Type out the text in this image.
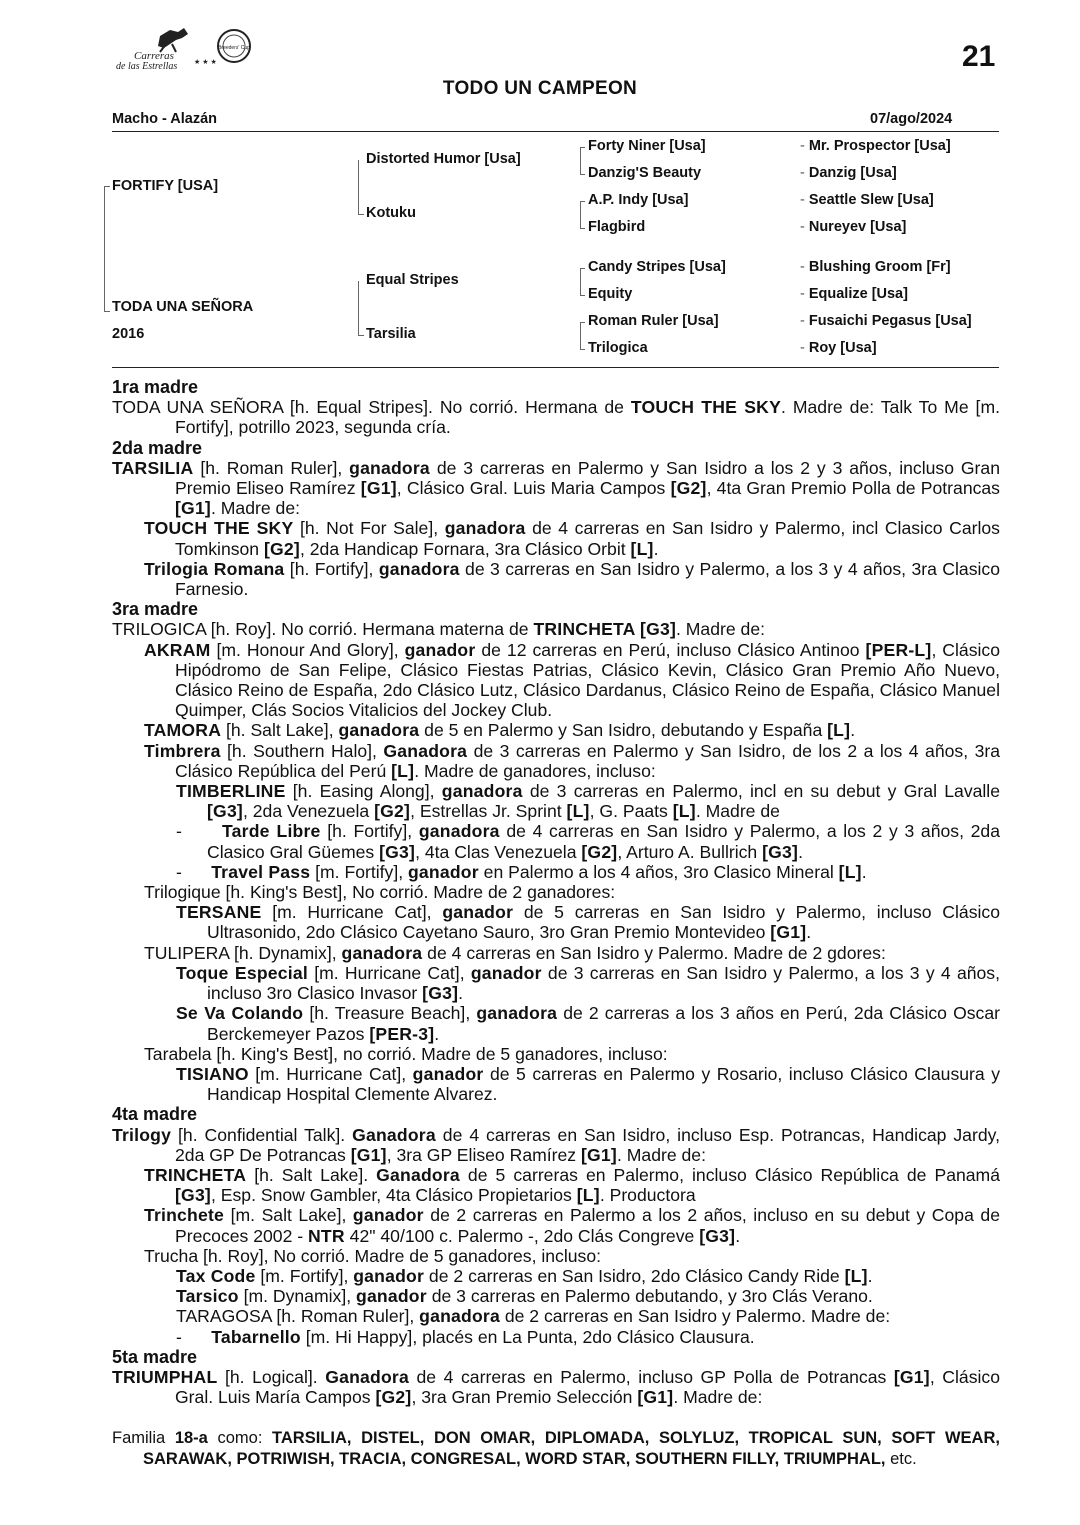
Carreras
de las Estrellas ★ ★ ★
Breeders' Cup	21
TODO UN CAMPEON
Macho - Alazán	07/ago/2024
FORTIFY [USA]
TODA UNA SEÑORA
2016
Distorted Humor [Usa]
Kotuku
Equal Stripes
Tarsilia
Forty Niner [Usa]
Danzig'S Beauty
A.P. Indy [Usa]
Flagbird
Candy Stripes [Usa]
Equity
Roman Ruler [Usa]
Trilogica
- Mr. Prospector [Usa]
- Danzig [Usa]
- Seattle Slew [Usa]
- Nureyev [Usa]
- Blushing Groom [Fr]
- Equalize [Usa]
- Fusaichi Pegasus [Usa]
- Roy [Usa]

1ra madre

TODA UNA SEÑORA [h. Equal Stripes]. No corrió. Hermana de TOUCH THE SKY. Madre de: Talk To Me [m. Fortify], potrillo 2023, segunda cría.

2da madre

TARSILIA [h. Roman Ruler], ganadora de 3 carreras en Palermo y San Isidro a los 2 y 3 años, incluso Gran Premio Eliseo Ramírez [G1], Clásico Gral. Luis Maria Campos [G2], 4ta Gran Premio Polla de Potrancas [G1]. Madre de:

TOUCH THE SKY [h. Not For Sale], ganadora de 4 carreras en San Isidro y Palermo, incl Clasico Carlos Tomkinson [G2], 2da Handicap Fornara, 3ra Clásico Orbit [L].

Trilogia Romana [h. Fortify], ganadora de 3 carreras en San Isidro y Palermo, a los 3 y 4 años, 3ra Clasico Farnesio.

3ra madre

TRILOGICA [h. Roy]. No corrió. Hermana materna de TRINCHETA [G3]. Madre de:

AKRAM [m. Honour And Glory], ganador de 12 carreras en Perú, incluso Clásico Antinoo [PER-L], Clásico Hipódromo de San Felipe, Clásico Fiestas Patrias, Clásico Kevin, Clásico Gran Premio Año Nuevo, Clásico Reino de España, 2do Clásico Lutz, Clásico Dardanus, Clásico Reino de España, Clásico Manuel Quimper, Clás Socios Vitalicios del Jockey Club.

TAMORA [h. Salt Lake], ganadora de 5 en Palermo y San Isidro, debutando y España [L].

Timbrera [h. Southern Halo], Ganadora de 3 carreras en Palermo y San Isidro, de los 2 a los 4 años, 3ra Clásico República del Perú [L]. Madre de ganadores, incluso:

TIMBERLINE [h. Easing Along], ganadora de 3 carreras en Palermo, incl en su debut y Gral Lavalle [G3], 2da Venezuela [G2], Estrellas Jr. Sprint [L], G. Paats [L]. Madre de

-      Tarde Libre [h. Fortify], ganadora de 4 carreras en San Isidro y Palermo, a los 2 y 3 años, 2da Clasico Gral Güemes [G3], 4ta Clas Venezuela [G2], Arturo A. Bullrich [G3].

-      Travel Pass [m. Fortify], ganador en Palermo a los 4 años, 3ro Clasico Mineral [L].

Trilogique [h. King's Best], No corrió. Madre de 2 ganadores:

TERSANE [m. Hurricane Cat], ganador de 5 carreras en San Isidro y Palermo, incluso Clásico Ultrasonido, 2do Clásico Cayetano Sauro, 3ro Gran Premio Montevideo [G1].

TULIPERA [h. Dynamix], ganadora de 4 carreras en San Isidro y Palermo. Madre de 2 gdores:

Toque Especial [m. Hurricane Cat], ganador de 3 carreras en San Isidro y Palermo, a los 3 y 4 años, incluso 3ro Clasico Invasor [G3].

Se Va Colando [h. Treasure Beach], ganadora de 2 carreras a los 3 años en Perú, 2da Clásico Oscar Berckemeyer Pazos [PER-3].

Tarabela [h. King's Best], no corrió. Madre de 5 ganadores, incluso:

TISIANO [m. Hurricane Cat], ganador de 5 carreras en Palermo y Rosario, incluso Clásico Clausura y Handicap Hospital Clemente Alvarez.

4ta madre

Trilogy [h. Confidential Talk]. Ganadora de 4 carreras en San Isidro, incluso Esp. Potrancas, Handicap Jardy, 2da GP De Potrancas [G1], 3ra GP Eliseo Ramírez [G1]. Madre de:

TRINCHETA [h. Salt Lake]. Ganadora de 5 carreras en Palermo, incluso Clásico República de Panamá [G3], Esp. Snow Gambler, 4ta Clásico Propietarios [L]. Productora

Trinchete [m. Salt Lake], ganador de 2 carreras en Palermo a los 2 años, incluso en su debut y Copa de Precoces 2002 - NTR 42" 40/100 c. Palermo -, 2do Clás Congreve [G3].

Trucha [h. Roy], No corrió. Madre de 5 ganadores, incluso:

Tax Code [m. Fortify], ganador de 2 carreras en San Isidro, 2do Clásico Candy Ride [L].

Tarsico [m. Dynamix], ganador de 3 carreras en Palermo debutando, y 3ro Clás Verano.

TARAGOSA [h. Roman Ruler], ganadora de 2 carreras en San Isidro y Palermo. Madre de:

-      Tabarnello [m. Hi Happy], placés en La Punta, 2do Clásico Clausura.

5ta madre

TRIUMPHAL [h. Logical]. Ganadora de 4 carreras en Palermo, incluso GP Polla de Potrancas [G1], Clásico Gral. Luis María Campos [G2], 3ra Gran Premio Selección [G1]. Madre de:

Familia 18-a como: TARSILIA, DISTEL, DON OMAR, DIPLOMADA, SOLYLUZ, TROPICAL SUN, SOFT WEAR, SARAWAK, POTRIWISH, TRACIA, CONGRESAL, WORD STAR, SOUTHERN FILLY, TRIUMPHAL, etc.
